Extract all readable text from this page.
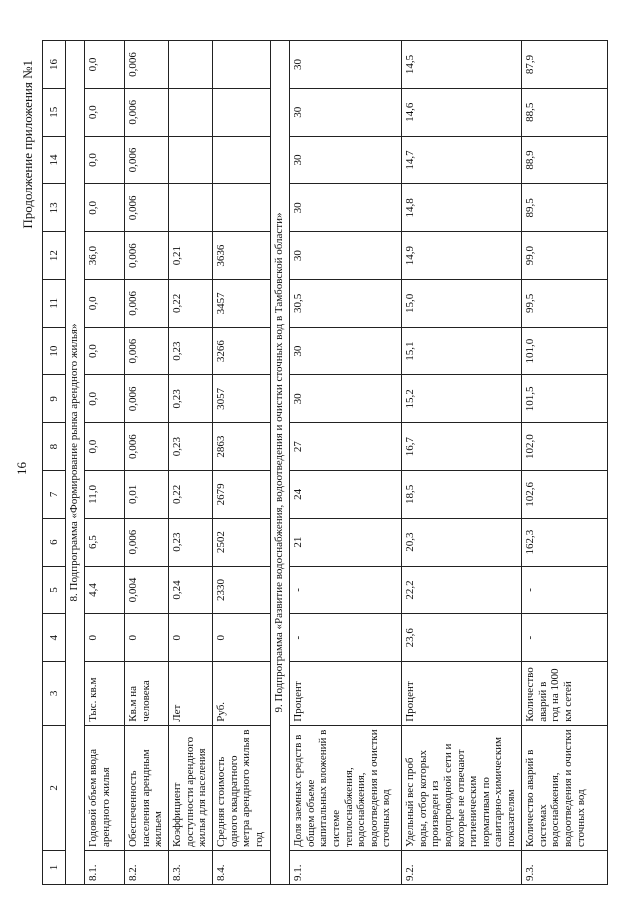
16
Продолжение приложения №1
1	2	3	4	5	6	7	8	9	10	11	12	13	14	15	16
8. Подпрограмма «Формирование рынка арендного жилья»															
8.1.	Годовой объем ввода арендного жилья	Тыс. кв.м	0	4,4	6,5	11,0	0,0	0,0	0,0	0,0	36,0	0,0	0,0	0,0	0,0
8.2.	Обеспеченность населения арендным жильем	Кв.м на человека	0	0,004	0,006	0,01	0,006	0,006	0,006	0,006	0,006	0,006	0,006	0,006	0,006
8.3.	Коэффициент доступности арендного жилья для населения	Лет	0	0,24	0,23	0,22	0,23	0,23	0,23	0,22	0,21				
8.4.	Средняя стоимость одного квадратного метра арендного жилья в год	Руб.	0	2330	2502	2679	2863	3057	3266	3457	3636				
9. Подпрограмма «Развитие водоснабжения, водоотведения и очистки сточных вод в Тамбовской области»															
9.1.	Доля заемных средств в общем объеме капитальных вложений в системе теплоснабжения, водоснабжения, водоотведения и очистки сточных вод	Процент	-	-	21	24	27	30	30	30,5	30	30	30	30	30
9.2.	Удельный вес проб воды, отбор которых произведен из водопроводной сети и которые не отвечают гигиеническим нормативам по санитарно-химическим показателям	Процент	23,6	22,2	20,3	18,5	16,7	15,2	15,1	15,0	14,9	14,8	14,7	14,6	14,5
9.3.	Количество аварий в системах водоснабжения, водоотведения и очистки сточных вод	Количество аварий в год на 1000 км сетей	-	-	162,3	102,6	102,0	101,5	101,0	99,5	99,0	89,5	88,9	88,5	87,9
